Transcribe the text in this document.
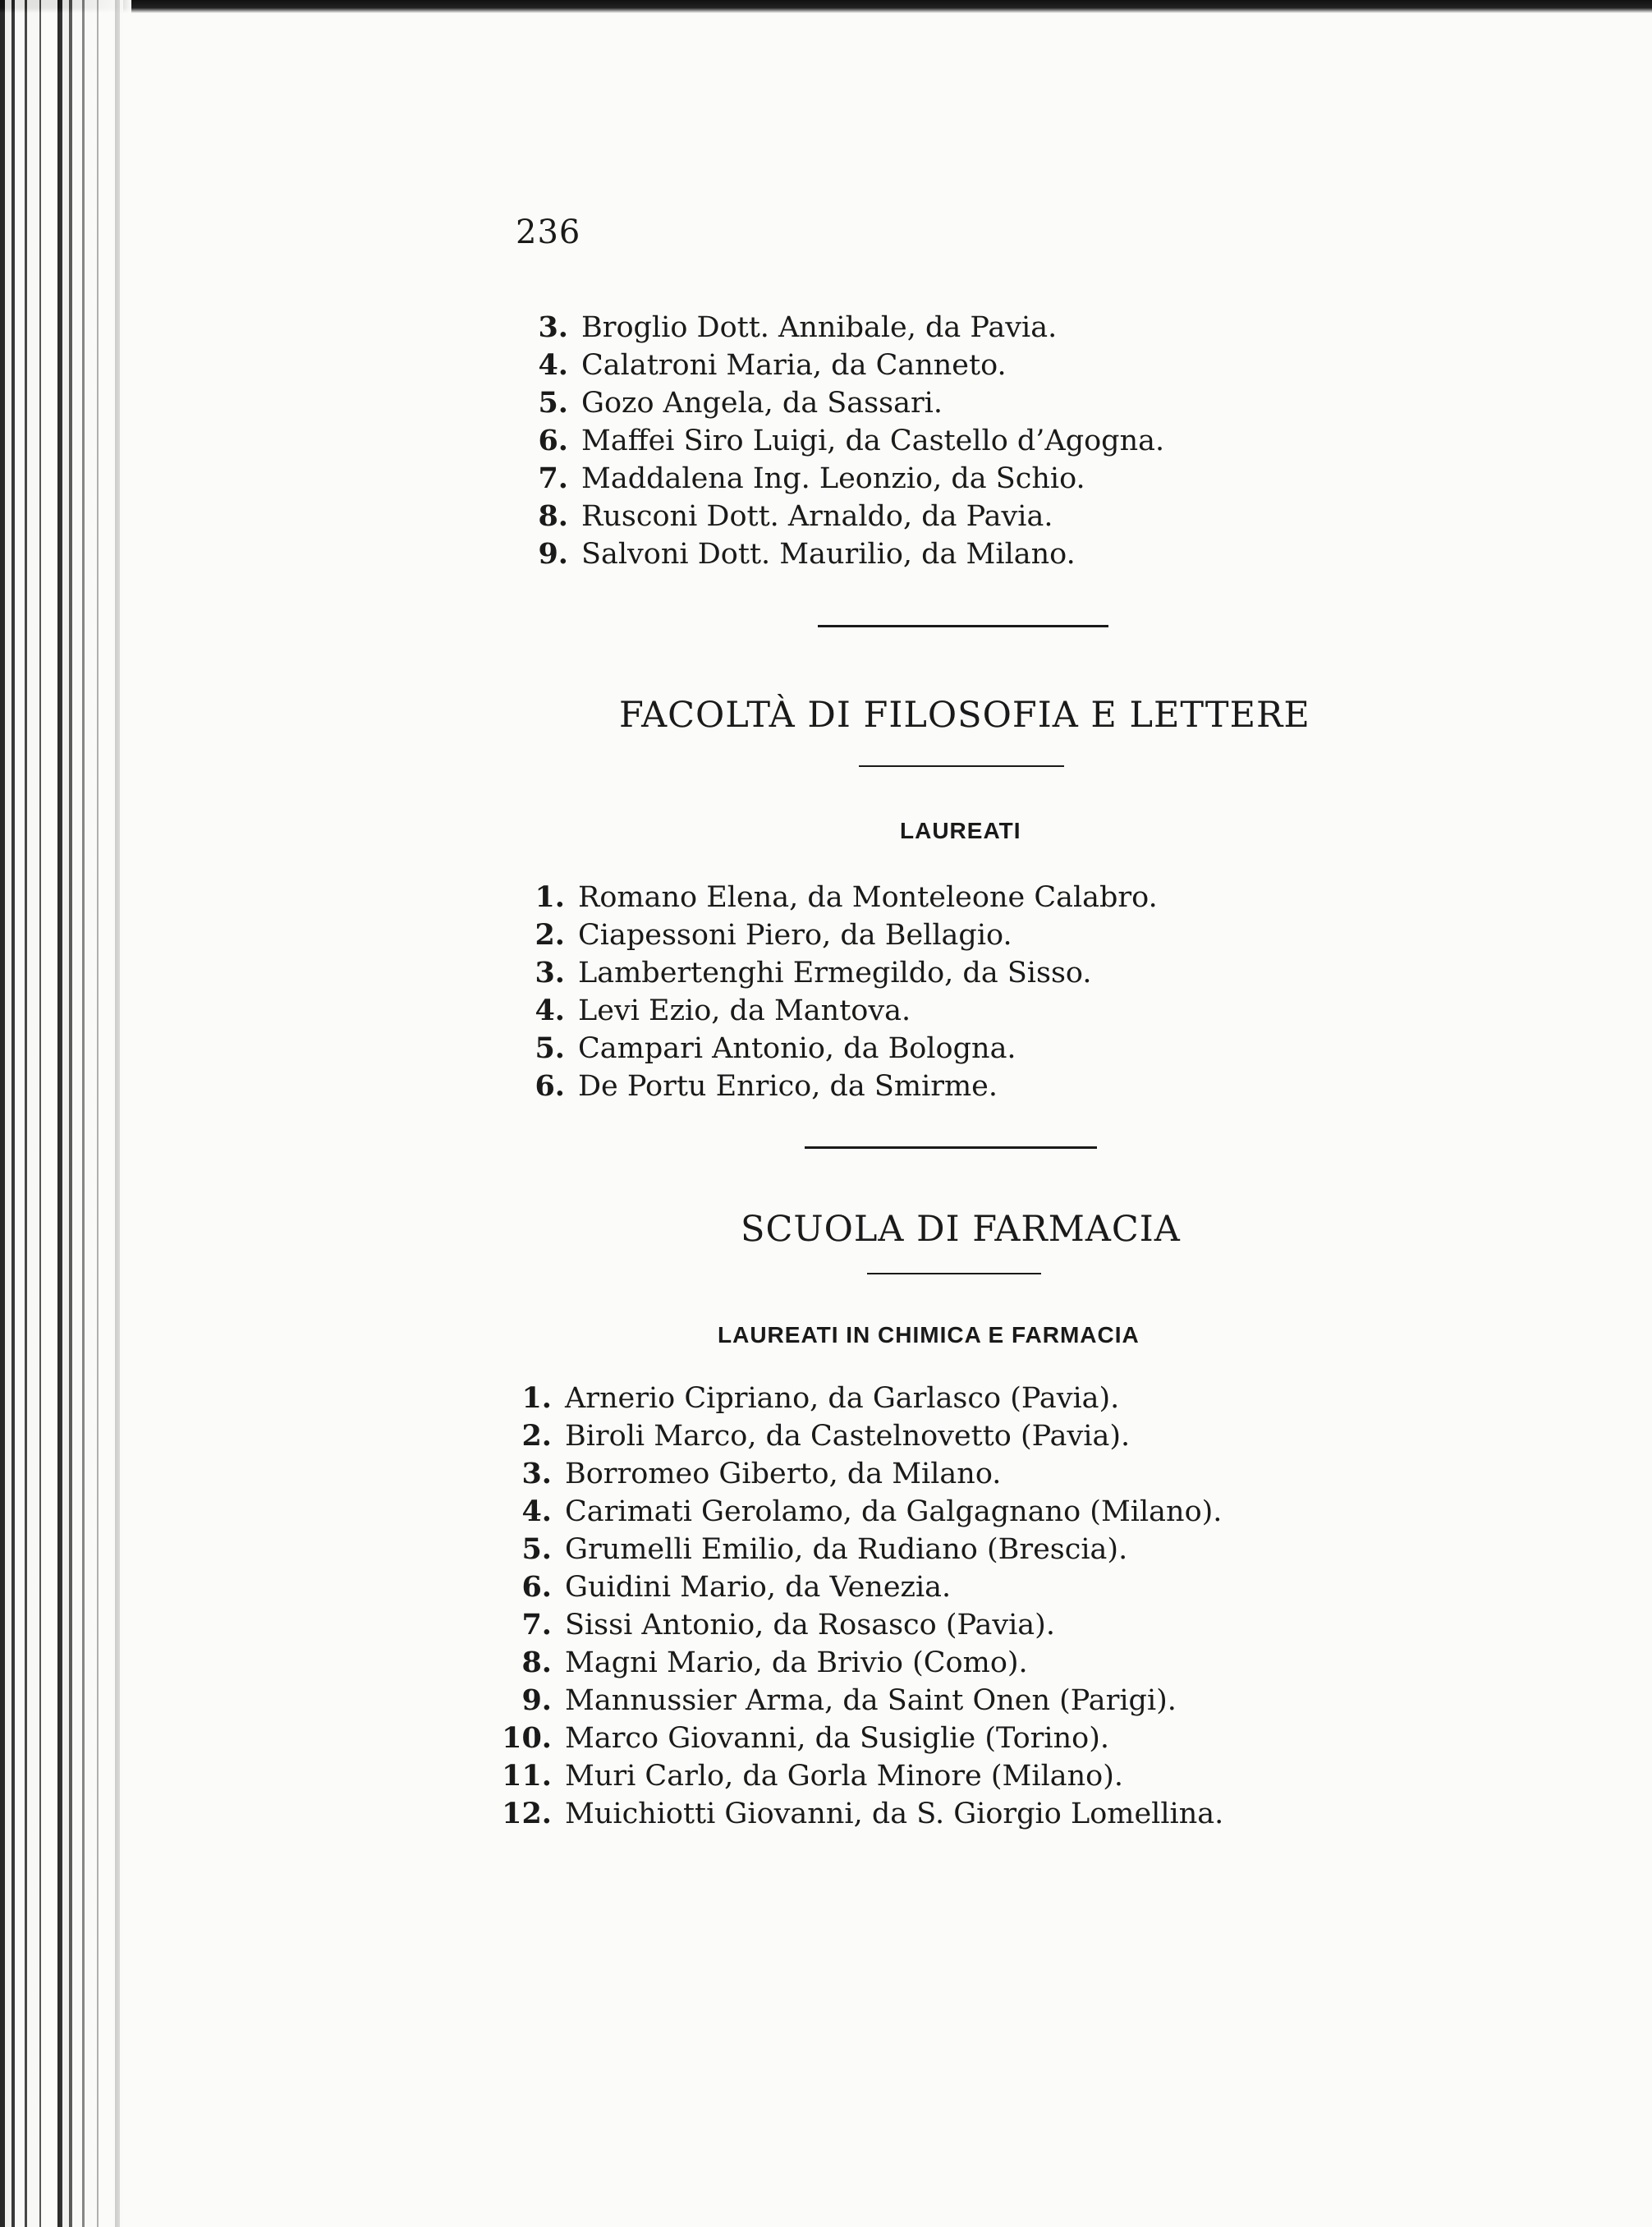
236
3. Broglio Dott. Annibale, da Pavia.
4. Calatroni Maria, da Canneto.
5. Gozo Angela, da Sassari.
6. Maffei Siro Luigi, da Castello d’Agogna.
7. Maddalena Ing. Leonzio, da Schio.
8. Rusconi Dott. Arnaldo, da Pavia.
9. Salvoni Dott. Maurilio, da Milano.
FACOLTÀ DI FILOSOFIA E LETTERE
LAUREATI
1. Romano Elena, da Monteleone Calabro.
2. Ciapessoni Piero, da Bellagio.
3. Lambertenghi Ermegildo, da Sisso.
4. Levi Ezio, da Mantova.
5. Campari Antonio, da Bologna.
6. De Portu Enrico, da Smirme.
SCUOLA DI FARMACIA
LAUREATI IN CHIMICA E FARMACIA
1. Arnerio Cipriano, da Garlasco (Pavia).
2. Biroli Marco, da Castelnovetto (Pavia).
3. Borromeo Giberto, da Milano.
4. Carimati Gerolamo, da Galgagnano (Milano).
5. Grumelli Emilio, da Rudiano (Brescia).
6. Guidini Mario, da Venezia.
7. Sissi Antonio, da Rosasco (Pavia).
8. Magni Mario, da Brivio (Como).
9. Mannussier Arma, da Saint Onen (Parigi).
10. Marco Giovanni, da Susiglie (Torino).
11. Muri Carlo, da Gorla Minore (Milano).
12. Muichiotti Giovanni, da S. Giorgio Lomellina.
